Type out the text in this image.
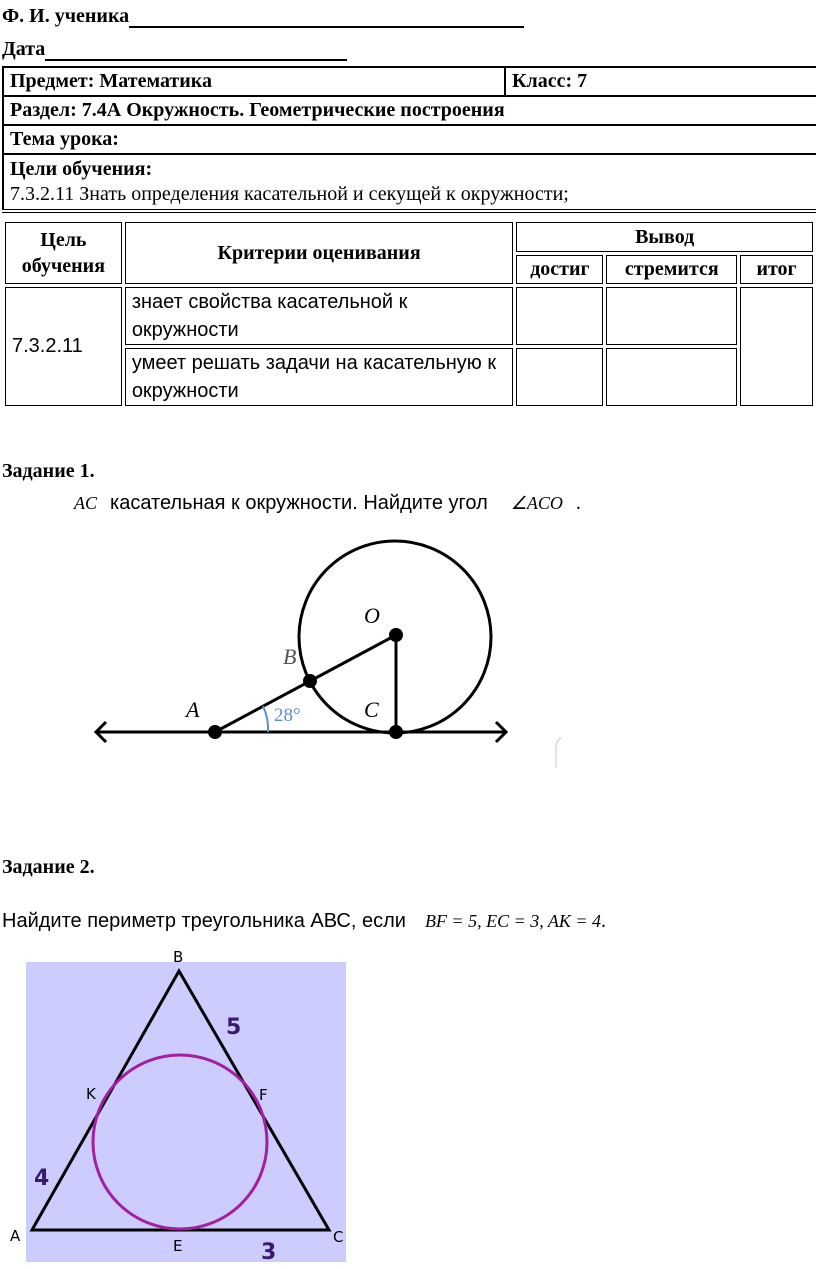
Ф. И. ученика
Дата
Предмет: Математика	Класс: 7
Раздел: 7.4А Окружность. Геометрические построения
Тема урока:

Цели обучения:
7.3.2.11 Знать определения касательной и секущей к окружности;
Цель обучения	Критерии оценивания	Вывод		
		достиг	стремится	итог
7.3.2.11	знает свойства касательной к окружности			
	умеет решать задачи на касательную к окружности			
Задание 1.
AC касательная к окружности. Найдите угол ∠ACO .
O
B
A	C
28°
Задание 2.
Найдите периметр треугольника АВС, если BF = 5, EC = 3, AK = 4.
B
A	C
K	F
E
5
4
3
